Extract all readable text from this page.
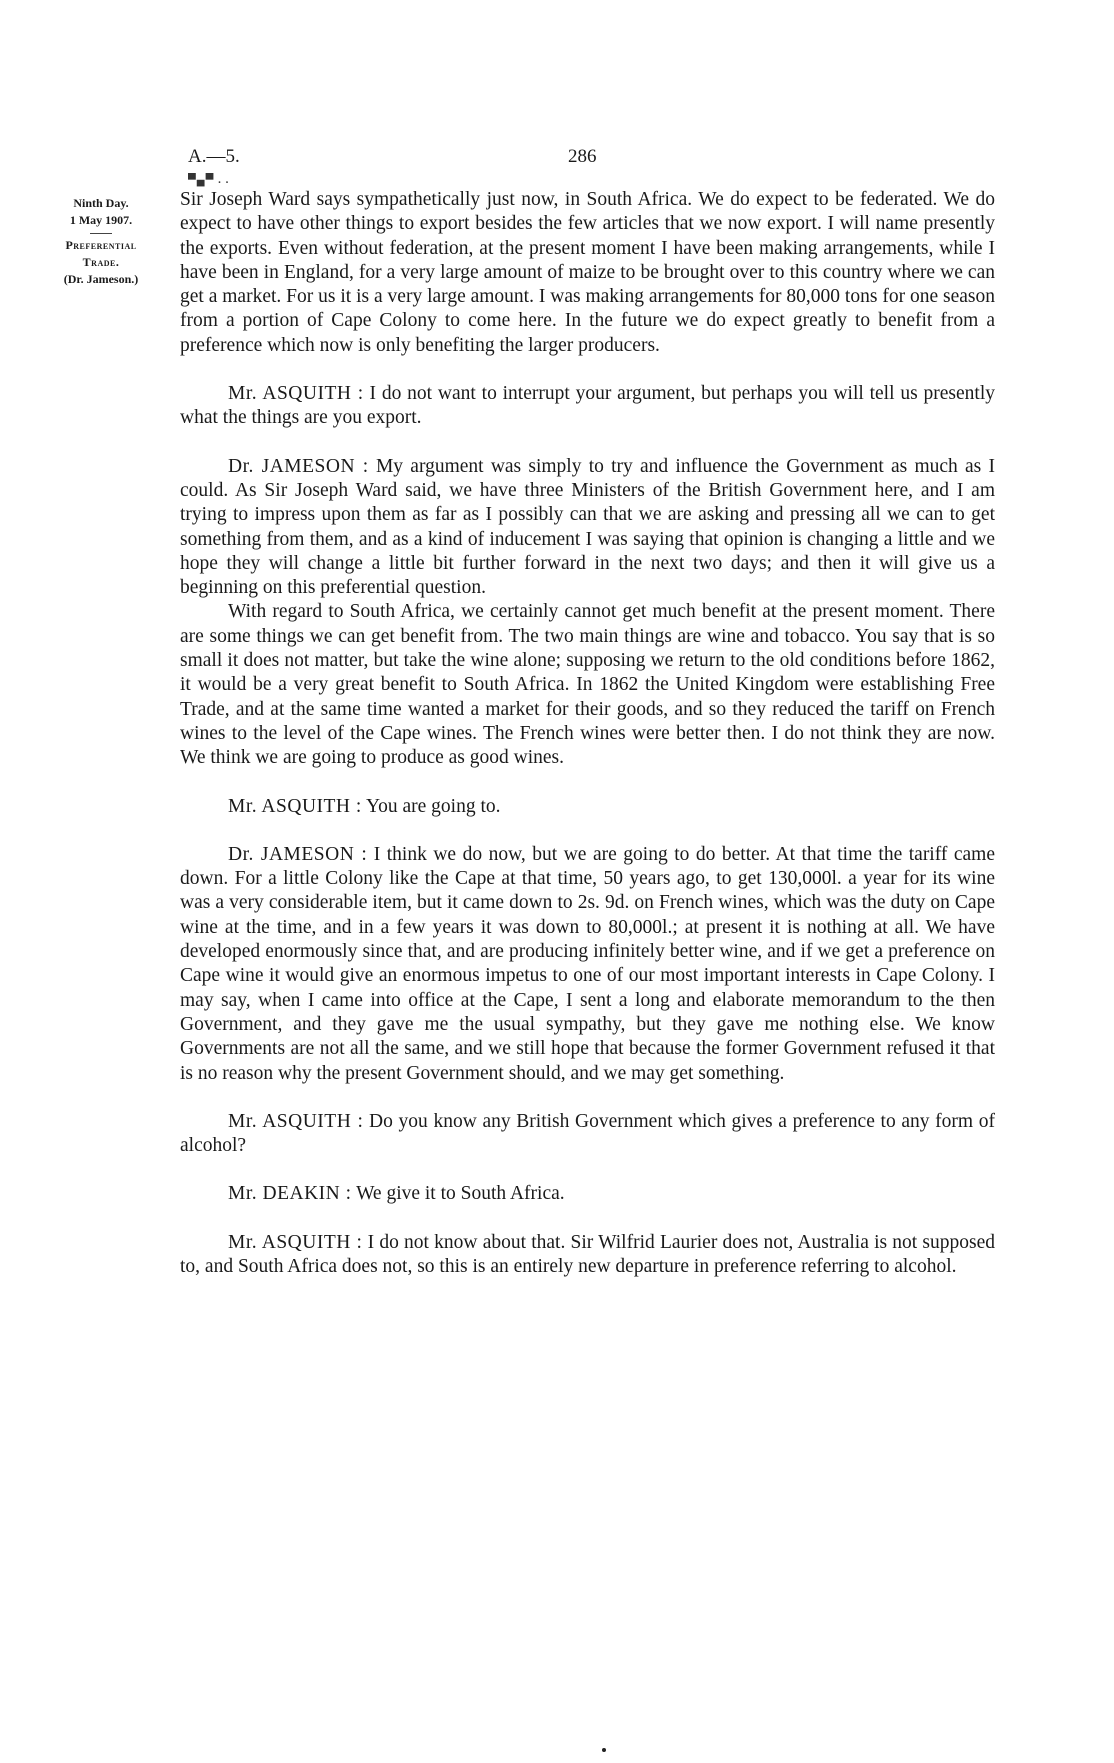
Ninth Day.
1 May 1907.
Preferential
Trade.
(Dr. Jameson.)
A.—5.	286
▀▄▀ . .

Sir Joseph Ward says sympathetically just now, in South Africa. We do expect to be federated. We do expect to have other things to export besides the few articles that we now export. I will name presently the exports. Even without federation, at the present moment I have been making arrangements, while I have been in England, for a very large amount of maize to be brought over to this country where we can get a market. For us it is a very large amount. I was making arrangements for 80,000 tons for one season from a portion of Cape Colony to come here. In the future we do expect greatly to benefit from a preference which now is only benefiting the larger producers.

Mr. ASQUITH : I do not want to interrupt your argument, but perhaps you will tell us presently what the things are you export.

Dr. JAMESON : My argument was simply to try and influence the Government as much as I could. As Sir Joseph Ward said, we have three Ministers of the British Government here, and I am trying to impress upon them as far as I possibly can that we are asking and pressing all we can to get something from them, and as a kind of inducement I was saying that opinion is changing a little and we hope they will change a little bit further forward in the next two days; and then it will give us a beginning on this preferential question.

With regard to South Africa, we certainly cannot get much benefit at the present moment. There are some things we can get benefit from. The two main things are wine and tobacco. You say that is so small it does not matter, but take the wine alone; supposing we return to the old conditions before 1862, it would be a very great benefit to South Africa. In 1862 the United Kingdom were establishing Free Trade, and at the same time wanted a market for their goods, and so they reduced the tariff on French wines to the level of the Cape wines. The French wines were better then. I do not think they are now. We think we are going to produce as good wines.

Mr. ASQUITH : You are going to.

Dr. JAMESON : I think we do now, but we are going to do better. At that time the tariff came down. For a little Colony like the Cape at that time, 50 years ago, to get 130,000l. a year for its wine was a very considerable item, but it came down to 2s. 9d. on French wines, which was the duty on Cape wine at the time, and in a few years it was down to 80,000l.; at present it is nothing at all. We have developed enormously since that, and are producing infinitely better wine, and if we get a preference on Cape wine it would give an enormous impetus to one of our most important interests in Cape Colony. I may say, when I came into office at the Cape, I sent a long and elaborate memorandum to the then Government, and they gave me the usual sympathy, but they gave me nothing else. We know Governments are not all the same, and we still hope that because the former Government refused it that is no reason why the present Government should, and we may get something.

Mr. ASQUITH : Do you know any British Government which gives a preference to any form of alcohol?

Mr. DEAKIN : We give it to South Africa.

Mr. ASQUITH : I do not know about that. Sir Wilfrid Laurier does not, Australia is not supposed to, and South Africa does not, so this is an entirely new departure in preference referring to alcohol.
